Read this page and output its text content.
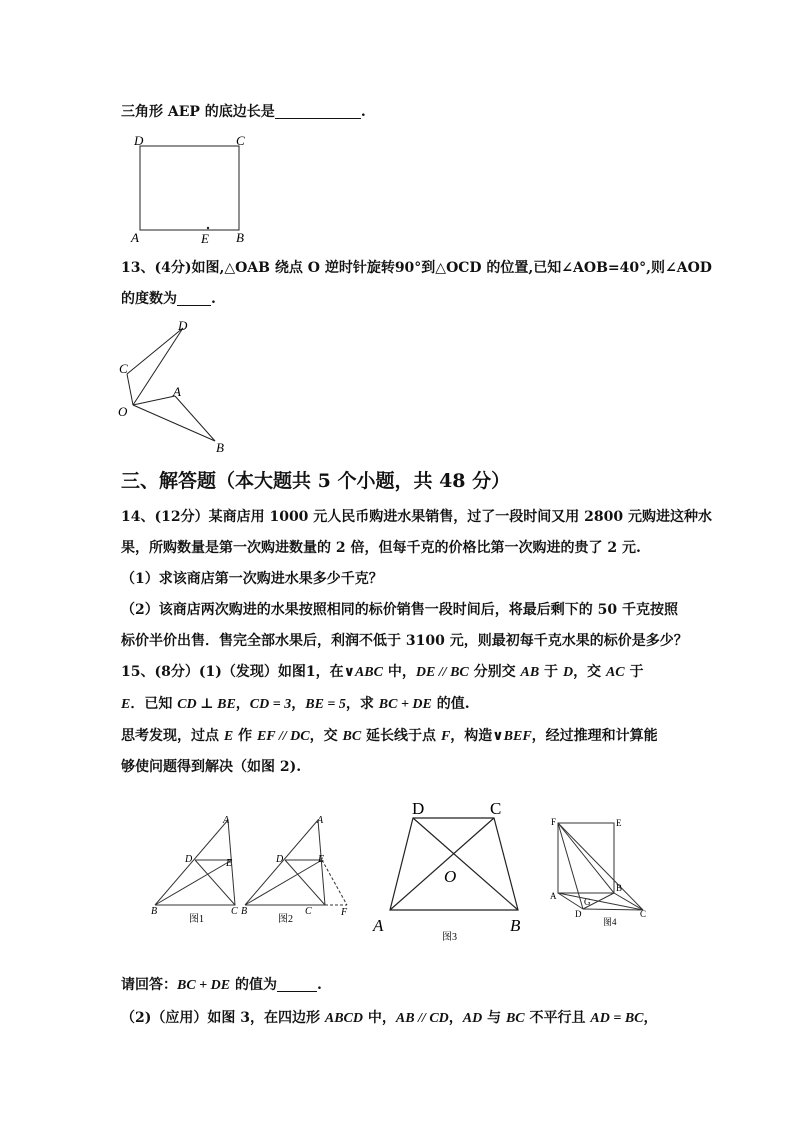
三角形 AEP 的底边长是	.
D	C
A	E B
13、(4分)如图,△OAB 绕点 O 逆时针旋转90°到△OCD 的位置,已知∠AOB=40°,则∠AOD
的度数为 .
D
C
A
O
B
三、解答题（本大题共 5 个小题，共 48 分）
14、(12分）某商店用 1000 元人民币购进水果销售，过了一段时间又用 2800 元购进这种水
果，所购数量是第一次购进数量的 2 倍，但每千克的价格比第一次购进的贵了 2 元.
（1）求该商店第一次购进水果多少千克？
（2）该商店两次购进的水果按照相同的标价销售一段时间后，将最后剩下的 50 千克按照
标价半价出售．售完全部水果后，利润不低于 3100 元，则最初每千克水果的标价是多少？
15、(8分）(1)（发现）如图1，在∨ABC 中，DE // BC 分别交 AB 于 D，交 AC 于
E．已知 CD ⊥ BE，CD = 3，BE = 5，求 BC + DE 的值.
思考发现，过点 E 作 EF // DC，交 BC 延长线于点 F，构造∨BEF，经过推理和计算能
够使问题得到解决（如图 2).
A
D	E
B	C
图1
A
D	E
B	C	F
图2
D	C
O
A	B
图3
F	E
A
B
G
D	C
图4
请回答：BC + DE 的值为	.
（2)（应用）如图 3，在四边形 ABCD 中，AB // CD，AD 与 BC 不平行且 AD = BC，
